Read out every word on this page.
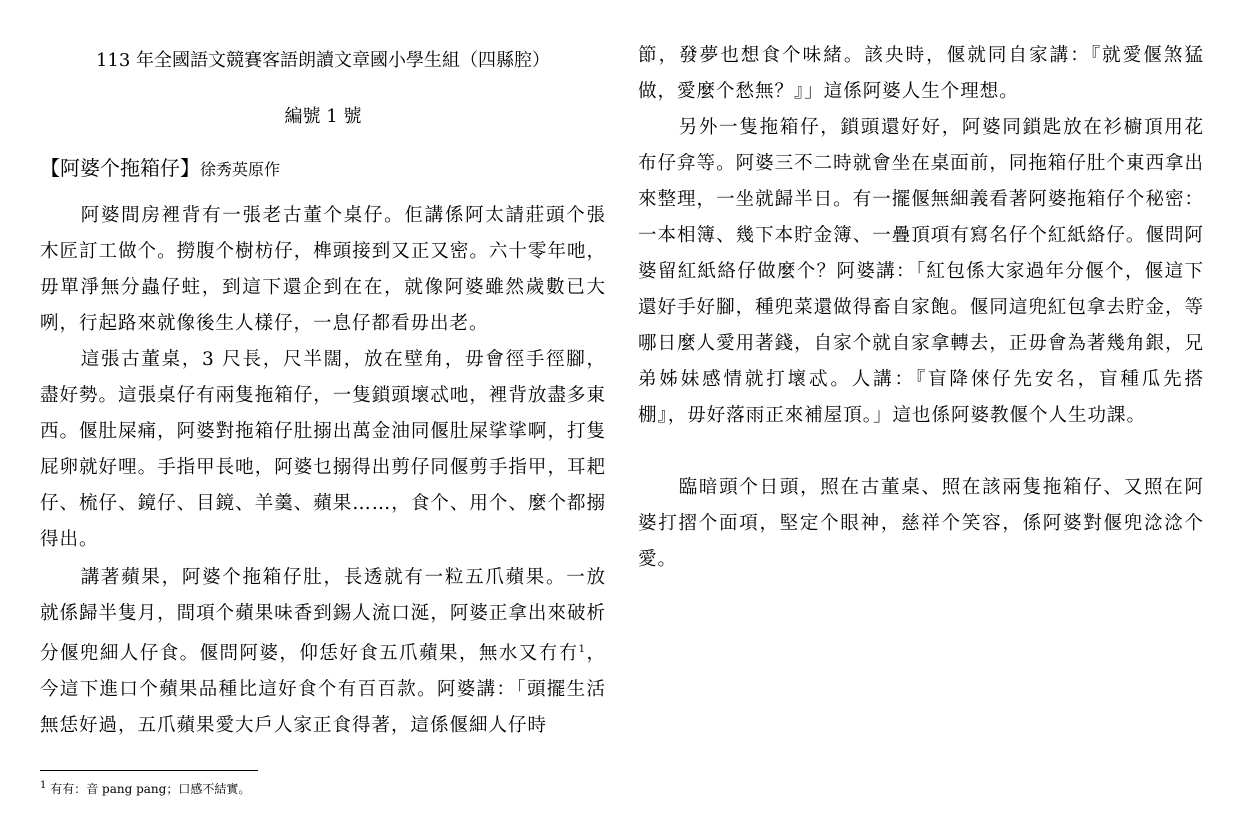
113 年全國語文競賽客語朗讀文章國小學生組（四縣腔）
編號 1 號
【阿婆个拖箱仔】徐秀英原作

阿婆間房裡背有一張老古董个桌仔。佢講係阿太請莊頭个張木匠訂工做个。撈腹个樹枋仔，榫頭接到又正又密。六十零年吔，毋單淨無分蟲仔蛀，到這下還企到在在，就像阿婆雖然歲數已大咧，行起路來就像後生人樣仔，一息仔都看毋出老。

這張古董桌，3 尺長，尺半闊，放在壁角，毋會徑手徑腳，盡好勢。這張桌仔有兩隻拖箱仔，一隻鎖頭壞忒吔，裡背放盡多東西。偃肚屎痛，阿婆對拖箱仔肚搦出萬金油同偃肚屎挲挲啊，打隻屁卵就好哩。手指甲長吔，阿婆乜搦得出剪仔同偃剪手指甲，耳耙仔、梳仔、鏡仔、目鏡、羊羹、蘋果……，食个、用个、麼个都搦得出。

講著蘋果，阿婆个拖箱仔肚，長透就有一粒五爪蘋果。一放就係歸半隻月，間項个蘋果味香到錫人流口涎，阿婆正拿出來破析分偃兜細人仔食。偃問阿婆，仰恁好食五爪蘋果，無水又冇冇$^1$，今這下進口个蘋果品種比這好食个有百百款。阿婆講：「頭擺生活無恁好過，五爪蘋果愛大戶人家正食得著，這係偃細人仔時

節，發夢也想食个味緒。該央時，偃就同自家講：『就愛偃煞猛做，愛麼个愁無？』」這係阿婆人生个理想。

另外一隻拖箱仔，鎖頭還好好，阿婆同鎖匙放在衫櫥頂用花布仔弇等。阿婆三不二時就會坐在桌面前，同拖箱仔肚个東西拿出來整理，一坐就歸半日。有一擺偃無細義看著阿婆拖箱仔个秘密：一本相簿、幾下本貯金簿、一疊頂項有寫名仔个紅紙絡仔。偃問阿婆留紅紙絡仔做麼个？阿婆講：「紅包係大家過年分偃个，偃這下還好手好腳，種兜菜還做得畜自家飽。偃同這兜紅包拿去貯金，等哪日麼人愛用著錢，自家个就自家拿轉去，正毋會為著幾角銀，兄弟姊妹感情就打壞忒。人講：『盲降倈仔先安名，盲種瓜先搭棚』，毋好落雨正來補屋頂。」這也係阿婆教偃个人生功課。

臨暗頭个日頭，照在古董桌、照在該兩隻拖箱仔、又照在阿婆打摺个面項，堅定个眼神，慈祥个笑容，係阿婆對偃兜淰淰个愛。

$^1$ 有有：音 pang pang；口感不結實。
